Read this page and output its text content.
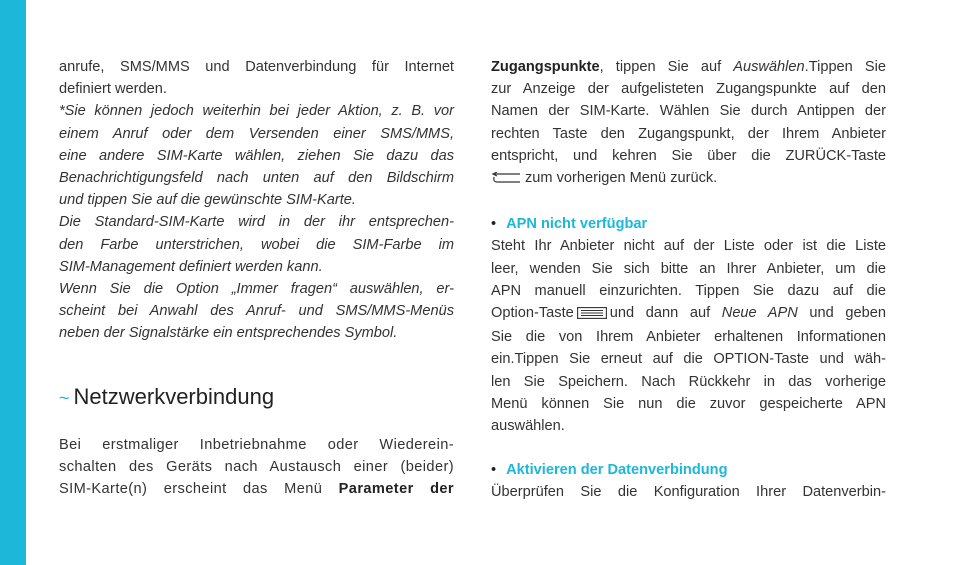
anrufe, SMS/MMS und Datenverbindung für Internet
definiert werden.
*Sie können jedoch weiterhin bei jeder Aktion, z. B. vor
einem Anruf oder dem Versenden einer SMS/MMS,
eine andere SIM-Karte wählen, ziehen Sie dazu das
Benachrichtigungsfeld nach unten auf den Bildschirm
und tippen Sie auf die gewünschte SIM-Karte.
Die Standard-SIM-Karte wird in der ihr entsprechen-
den Farbe unterstrichen, wobei die SIM-Farbe im
SIM-Management definiert werden kann.
Wenn Sie die Option „Immer fragen“ auswählen, er-
scheint bei Anwahl des Anruf- und SMS/MMS-Menüs
neben der Signalstärke ein entsprechendes Symbol.
~ Netzwerkverbindung
Bei erstmaliger Inbetriebnahme oder Wiederein-
schalten des Geräts nach Austausch einer (beider)
SIM-Karte(n) erscheint das Menü Parameter der
Zugangspunkte, tippen Sie auf Auswählen.Tippen Sie
zur Anzeige der aufgelisteten Zugangspunkte auf den
Namen der SIM-Karte. Wählen Sie durch Antippen der
rechten Taste den Zugangspunkt, der Ihrem Anbieter
entspricht, und kehren Sie über die ZURÜCK-Taste
zum vorherigen Menü zurück.
• APN nicht verfügbar
Steht Ihr Anbieter nicht auf der Liste oder ist die Liste
leer, wenden Sie sich bitte an Ihrer Anbieter, um die
APN manuell einzurichten. Tippen Sie dazu auf die
Option-Taste und dann auf Neue APN und geben
Sie die von Ihrem Anbieter erhaltenen Informationen
ein.Tippen Sie erneut auf die OPTION-Taste und wäh-
len Sie Speichern. Nach Rückkehr in das vorherige
Menü können Sie nun die zuvor gespeicherte APN
auswählen.
• Aktivieren der Datenverbindung
Überprüfen Sie die Konfiguration Ihrer Datenverbin-
